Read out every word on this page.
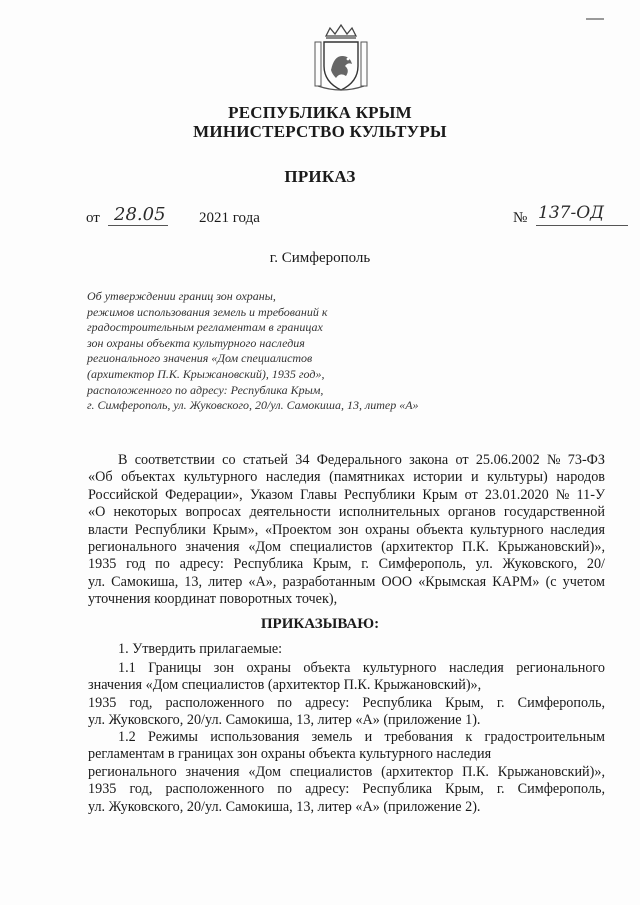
РЕСПУБЛИКА КРЫМ
МИНИСТЕРСТВО КУЛЬТУРЫ
ПРИКАЗ
от 28.05 2021 года	№ 137-ОД
г. Симферополь
Об утверждении границ зон охраны,
режимов использования земель и требований к
градостроительным регламентам в границах
зон охраны объекта культурного наследия
регионального значения «Дом специалистов
(архитектор П.К. Крыжановский), 1935 год»,
расположенного по адресу: Республика Крым,
г. Симферополь, ул. Жуковского, 20/ул. Самокиша, 13, литер «А»
В соответствии со статьей 34 Федерального закона от 25.06.2002 № 73-ФЗ
«Об объектах культурного наследия (памятниках истории и культуры) народов
Российской Федерации», Указом Главы Республики Крым от 23.01.2020 № 11-У
«О некоторых вопросах деятельности исполнительных органов государственной
власти Республики Крым», «Проектом зон охраны объекта культурного наследия
регионального значения «Дом специалистов (архитектор П.К. Крыжановский)»,
1935 год по адресу: Республика Крым, г. Симферополь, ул. Жуковского, 20/
ул. Самокиша, 13, литер «А», разработанным ООО «Крымская КАРМ» (с учетом
уточнения координат поворотных точек),
ПРИКАЗЫВАЮ:
1. Утвердить прилагаемые:
1.1 Границы зон охраны объекта культурного наследия регионального
значения «Дом специалистов (архитектор П.К. Крыжановский)»,
1935 год, расположенного по адресу: Республика Крым, г. Симферополь,
ул. Жуковского, 20/ул. Самокиша, 13, литер «А» (приложение 1).
1.2 Режимы использования земель и требования к градостроительным
регламентам в границах зон охраны объекта культурного наследия
регионального значения «Дом специалистов (архитектор П.К. Крыжановский)»,
1935 год, расположенного по адресу: Республика Крым, г. Симферополь,
ул. Жуковского, 20/ул. Самокиша, 13, литер «А» (приложение 2).
